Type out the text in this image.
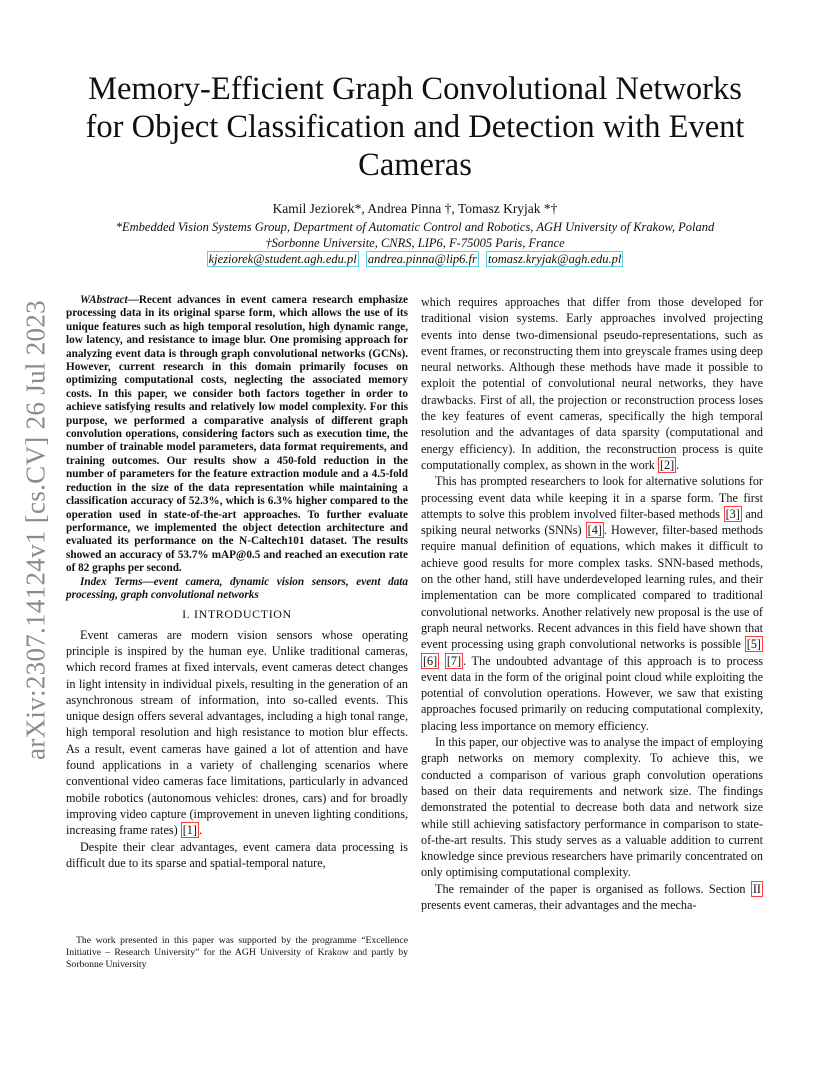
arXiv:2307.14124v1 [cs.CV] 26 Jul 2023
Memory-Efficient Graph Convolutional Networks for Object Classification and Detection with Event Cameras
Kamil Jeziorek*, Andrea Pinna †, Tomasz Kryjak *†
*Embedded Vision Systems Group, Department of Automatic Control and Robotics, AGH University of Krakow, Poland
†Sorbonne Universite, CNRS, LIP6, F-75005 Paris, France
kjeziorek@student.agh.edu.pl andrea.pinna@lip6.fr tomasz.kryjak@agh.edu.pl

WAbstract—Recent advances in event camera research emphasize processing data in its original sparse form, which allows the use of its unique features such as high temporal resolution, high dynamic range, low latency, and resistance to image blur. One promising approach for analyzing event data is through graph convolutional networks (GCNs). However, current research in this domain primarily focuses on optimizing computational costs, neglecting the associated memory costs. In this paper, we consider both factors together in order to achieve satisfying results and relatively low model complexity. For this purpose, we performed a comparative analysis of different graph convolution operations, considering factors such as execution time, the number of trainable model parameters, data format requirements, and training outcomes. Our results show a 450-fold reduction in the number of parameters for the feature extraction module and a 4.5-fold reduction in the size of the data representation while maintaining a classification accuracy of 52.3%, which is 6.3% higher compared to the operation used in state-of-the-art approaches. To further evaluate performance, we implemented the object detection architecture and evaluated its performance on the N-Caltech101 dataset. The results showed an accuracy of 53.7% mAP@0.5 and reached an execution rate of 82 graphs per second.

Index Terms—event camera, dynamic vision sensors, event data processing, graph convolutional networks

I. INTRODUCTION

Event cameras are modern vision sensors whose operating principle is inspired by the human eye. Unlike traditional cameras, which record frames at fixed intervals, event cameras detect changes in light intensity in individual pixels, resulting in the generation of an asynchronous stream of information, into so-called events. This unique design offers several advantages, including a high tonal range, high temporal resolution and high resistance to motion blur effects. As a result, event cameras have gained a lot of attention and have found applications in a variety of challenging scenarios where conventional video cameras face limitations, particularly in advanced mobile robotics (autonomous vehicles: drones, cars) and for broadly improving video capture (improvement in uneven lighting conditions, increasing frame rates) [1] .

Despite their clear advantages, event camera data processing is difficult due to its sparse and spatial-temporal nature,

The work presented in this paper was supported by the programme “Excellence Initiative – Research University” for the AGH University of Krakow and partly by Sorbonne University

which requires approaches that differ from those developed for traditional vision systems. Early approaches involved projecting events into dense two-dimensional pseudo-representations, such as event frames, or reconstructing them into greyscale frames using deep neural networks. Although these methods have made it possible to exploit the potential of convolutional neural networks, they have drawbacks. First of all, the projection or reconstruction process loses the key features of event cameras, specifically the high temporal resolution and the advantages of data sparsity (computational and energy efficiency). In addition, the reconstruction process is quite computationally complex, as shown in the work [2] .

This has prompted researchers to look for alternative solutions for processing event data while keeping it in a sparse form. The first attempts to solve this problem involved filter-based methods [3] and spiking neural networks (SNNs) [4] . However, filter-based methods require manual definition of equations, which makes it difficult to achieve good results for more complex tasks. SNN-based methods, on the other hand, still have underdeveloped learning rules, and their implementation can be more complicated compared to traditional convolutional networks. Another relatively new proposal is the use of graph neural networks. Recent advances in this field have shown that event processing using graph convolutional networks is possible [5] [6] [7] . The undoubted advantage of this approach is to process event data in the form of the original point cloud while exploiting the potential of convolution operations. However, we saw that existing approaches focused primarily on reducing computational complexity, placing less importance on memory efficiency.

In this paper, our objective was to analyse the impact of employing graph networks on memory complexity. To achieve this, we conducted a comparison of various graph convolution operations based on their data requirements and network size. The findings demonstrated the potential to decrease both data and network size while still achieving satisfactory performance in comparison to state-of-the-art results. This study serves as a valuable addition to current knowledge since previous researchers have primarily concentrated on only optimising computational complexity.

The remainder of the paper is organised as follows. Section II presents event cameras, their advantages and the mecha-
